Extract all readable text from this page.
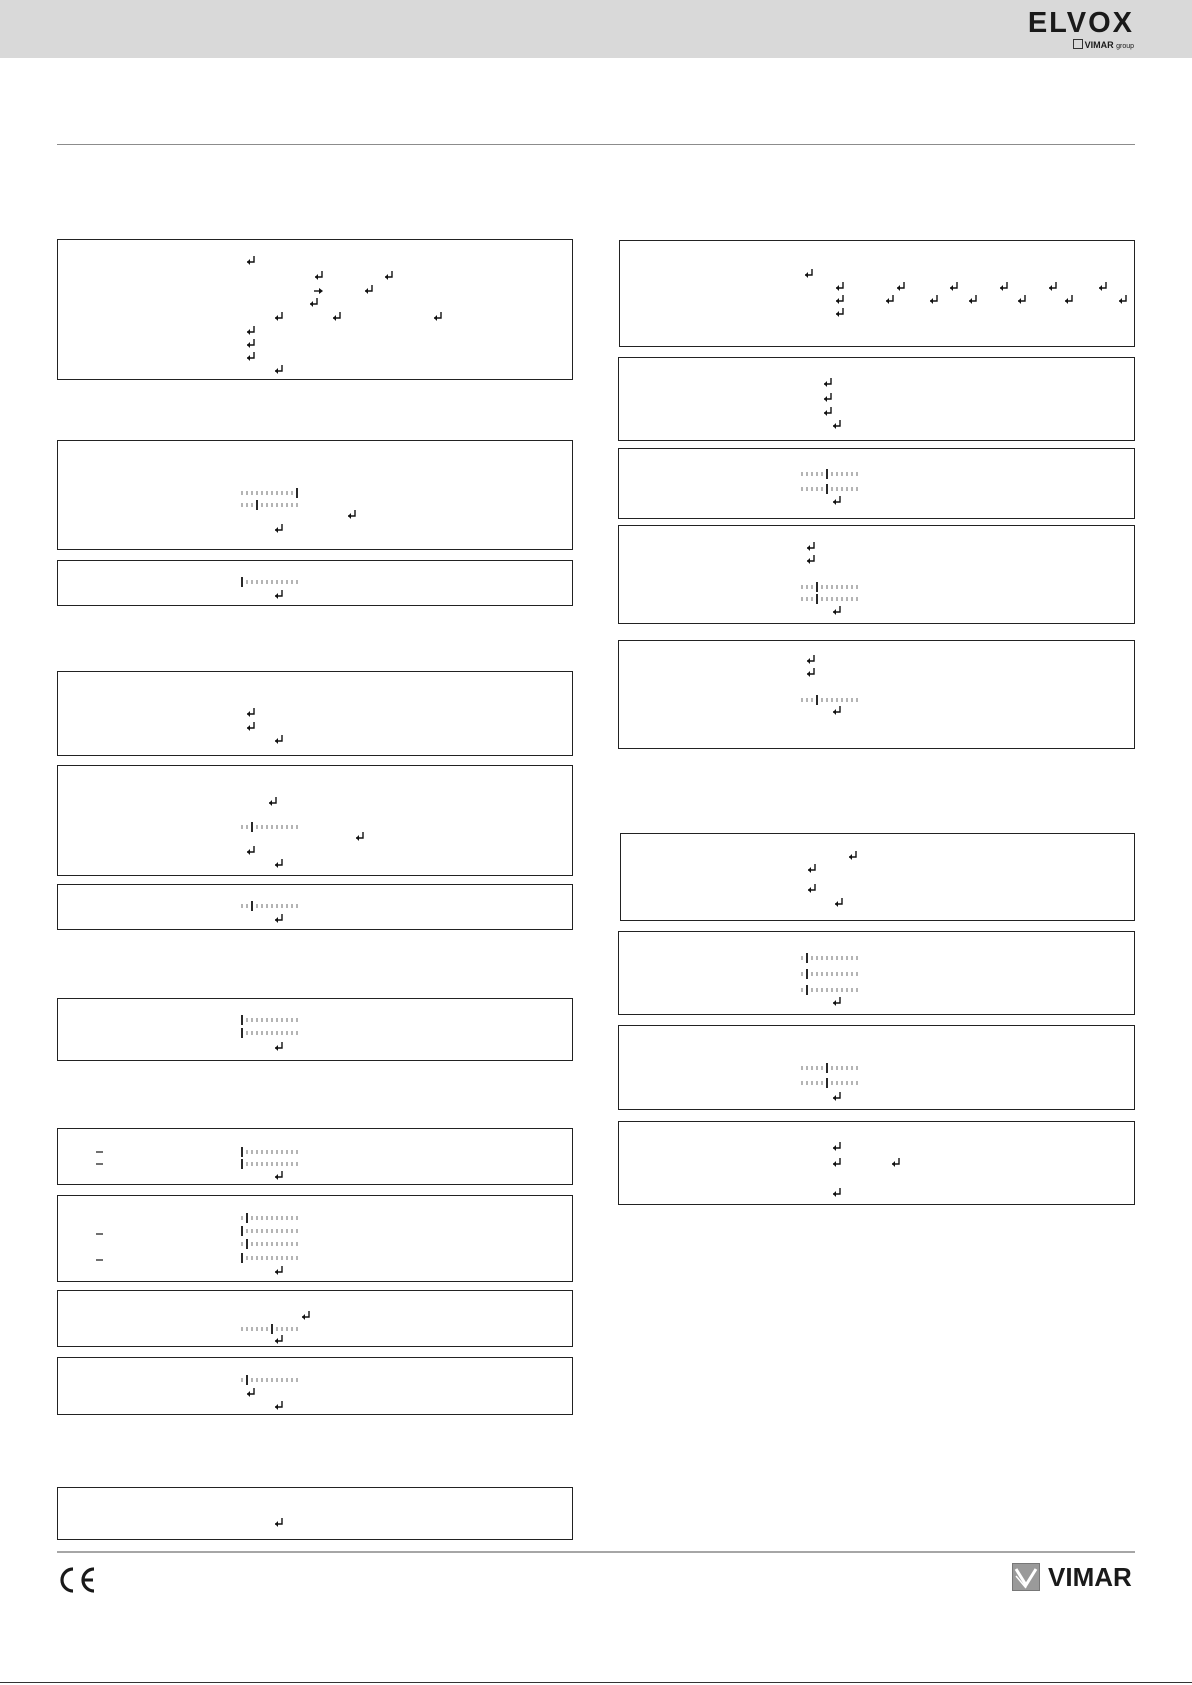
ELVOX
VIMAR group
VIMAR
